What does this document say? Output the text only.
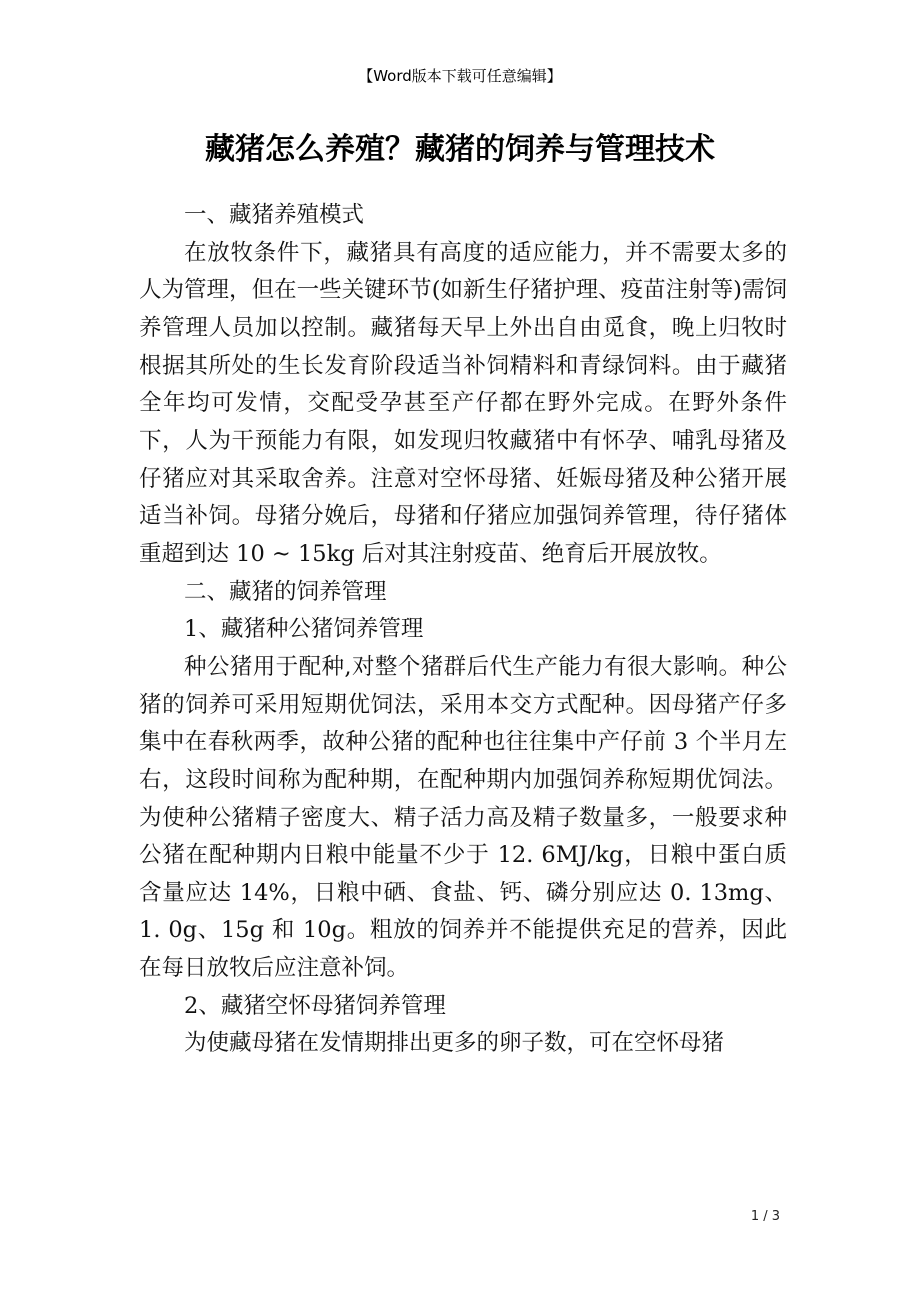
【Word版本下载可任意编辑】
藏猪怎么养殖？藏猪的饲养与管理技术

一、藏猪养殖模式

在放牧条件下，藏猪具有高度的适应能力，并不需要太多的人为管理，但在一些关键环节(如新生仔猪护理、疫苗注射等)需饲养管理人员加以控制。藏猪每天早上外出自由觅食，晚上归牧时根据其所处的生长发育阶段适当补饲精料和青绿饲料。由于藏猪全年均可发情，交配受孕甚至产仔都在野外完成。在野外条件下，人为干预能力有限，如发现归牧藏猪中有怀孕、哺乳母猪及仔猪应对其采取舍养。注意对空怀母猪、妊娠母猪及种公猪开展适当补饲。母猪分娩后，母猪和仔猪应加强饲养管理，待仔猪体重超到达 10 ~ 15kg 后对其注射疫苗、绝育后开展放牧。

二、藏猪的饲养管理

1、藏猪种公猪饲养管理

种公猪用于配种,对整个猪群后代生产能力有很大影响。种公猪的饲养可采用短期优饲法，采用本交方式配种。因母猪产仔多集中在春秋两季，故种公猪的配种也往往集中产仔前 3 个半月左右，这段时间称为配种期，在配种期内加强饲养称短期优饲法。为使种公猪精子密度大、精子活力高及精子数量多，一般要求种公猪在配种期内日粮中能量不少于 12. 6MJ/kg，日粮中蛋白质含量应达 14%，日粮中硒、食盐、钙、磷分别应达 0. 13mg、1. 0g、15g 和 10g。粗放的饲养并不能提供充足的营养，因此在每日放牧后应注意补饲。

2、藏猪空怀母猪饲养管理

为使藏母猪在发情期排出更多的卵子数，可在空怀母猪

1 / 3
